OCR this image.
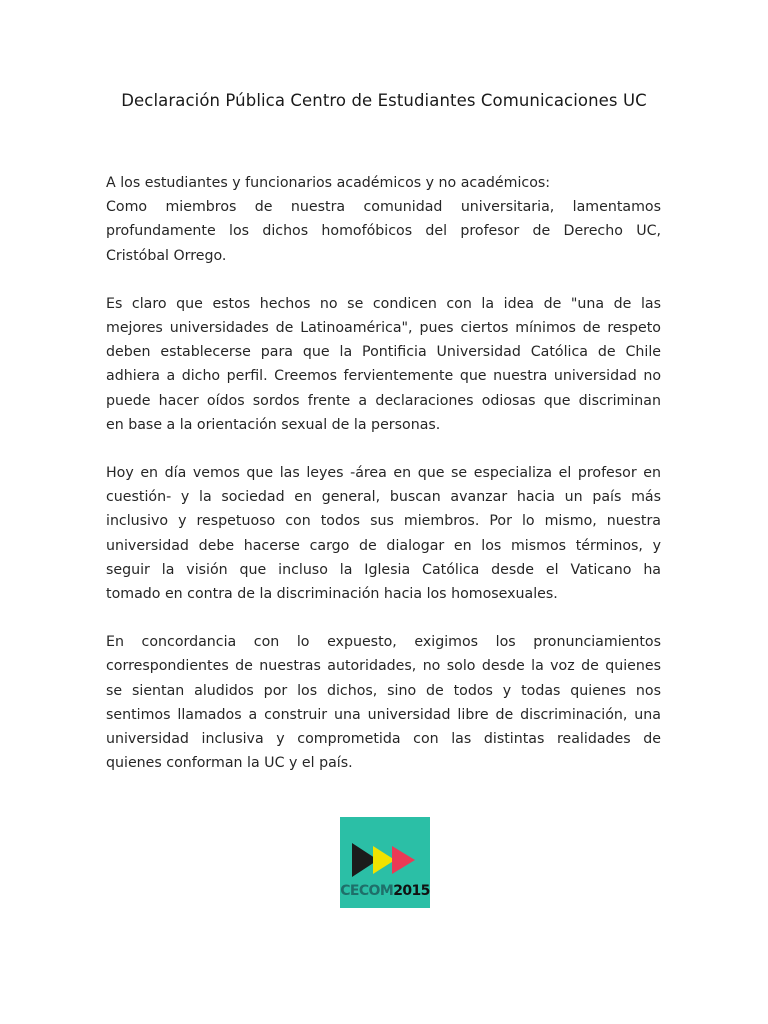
Declaración Pública Centro de Estudiantes Comunicaciones UC

A los estudiantes y funcionarios académicos y no académicos:
Como miembros de nuestra comunidad universitaria, lamentamos
profundamente los dichos homofóbicos del profesor de Derecho UC,
Cristóbal Orrego.

Es claro que estos hechos no se condicen con la idea de "una de las
mejores universidades de Latinoamérica", pues ciertos mínimos de respeto
deben establecerse para que la Pontificia Universidad Católica de Chile
adhiera a dicho perfil. Creemos fervientemente que nuestra universidad no
puede hacer oídos sordos frente a declaraciones odiosas que discriminan
en base a la orientación sexual de la personas.

Hoy en día vemos que las leyes -área en que se especializa el profesor en
cuestión- y la sociedad en general, buscan avanzar hacia un país más
inclusivo y respetuoso con todos sus miembros. Por lo mismo, nuestra
universidad debe hacerse cargo de dialogar en los mismos términos, y
seguir la visión que incluso la Iglesia Católica desde el Vaticano ha
tomado en contra de la discriminación hacia los homosexuales.

En concordancia con lo expuesto, exigimos los pronunciamientos
correspondientes de nuestras autoridades, no solo desde la voz de quienes
se sientan aludidos por los dichos, sino de todos y todas quienes nos
sentimos llamados a construir una universidad libre de discriminación, una
universidad inclusiva y comprometida con las distintas realidades de
quienes conforman la UC y el país.

CECOM2015
